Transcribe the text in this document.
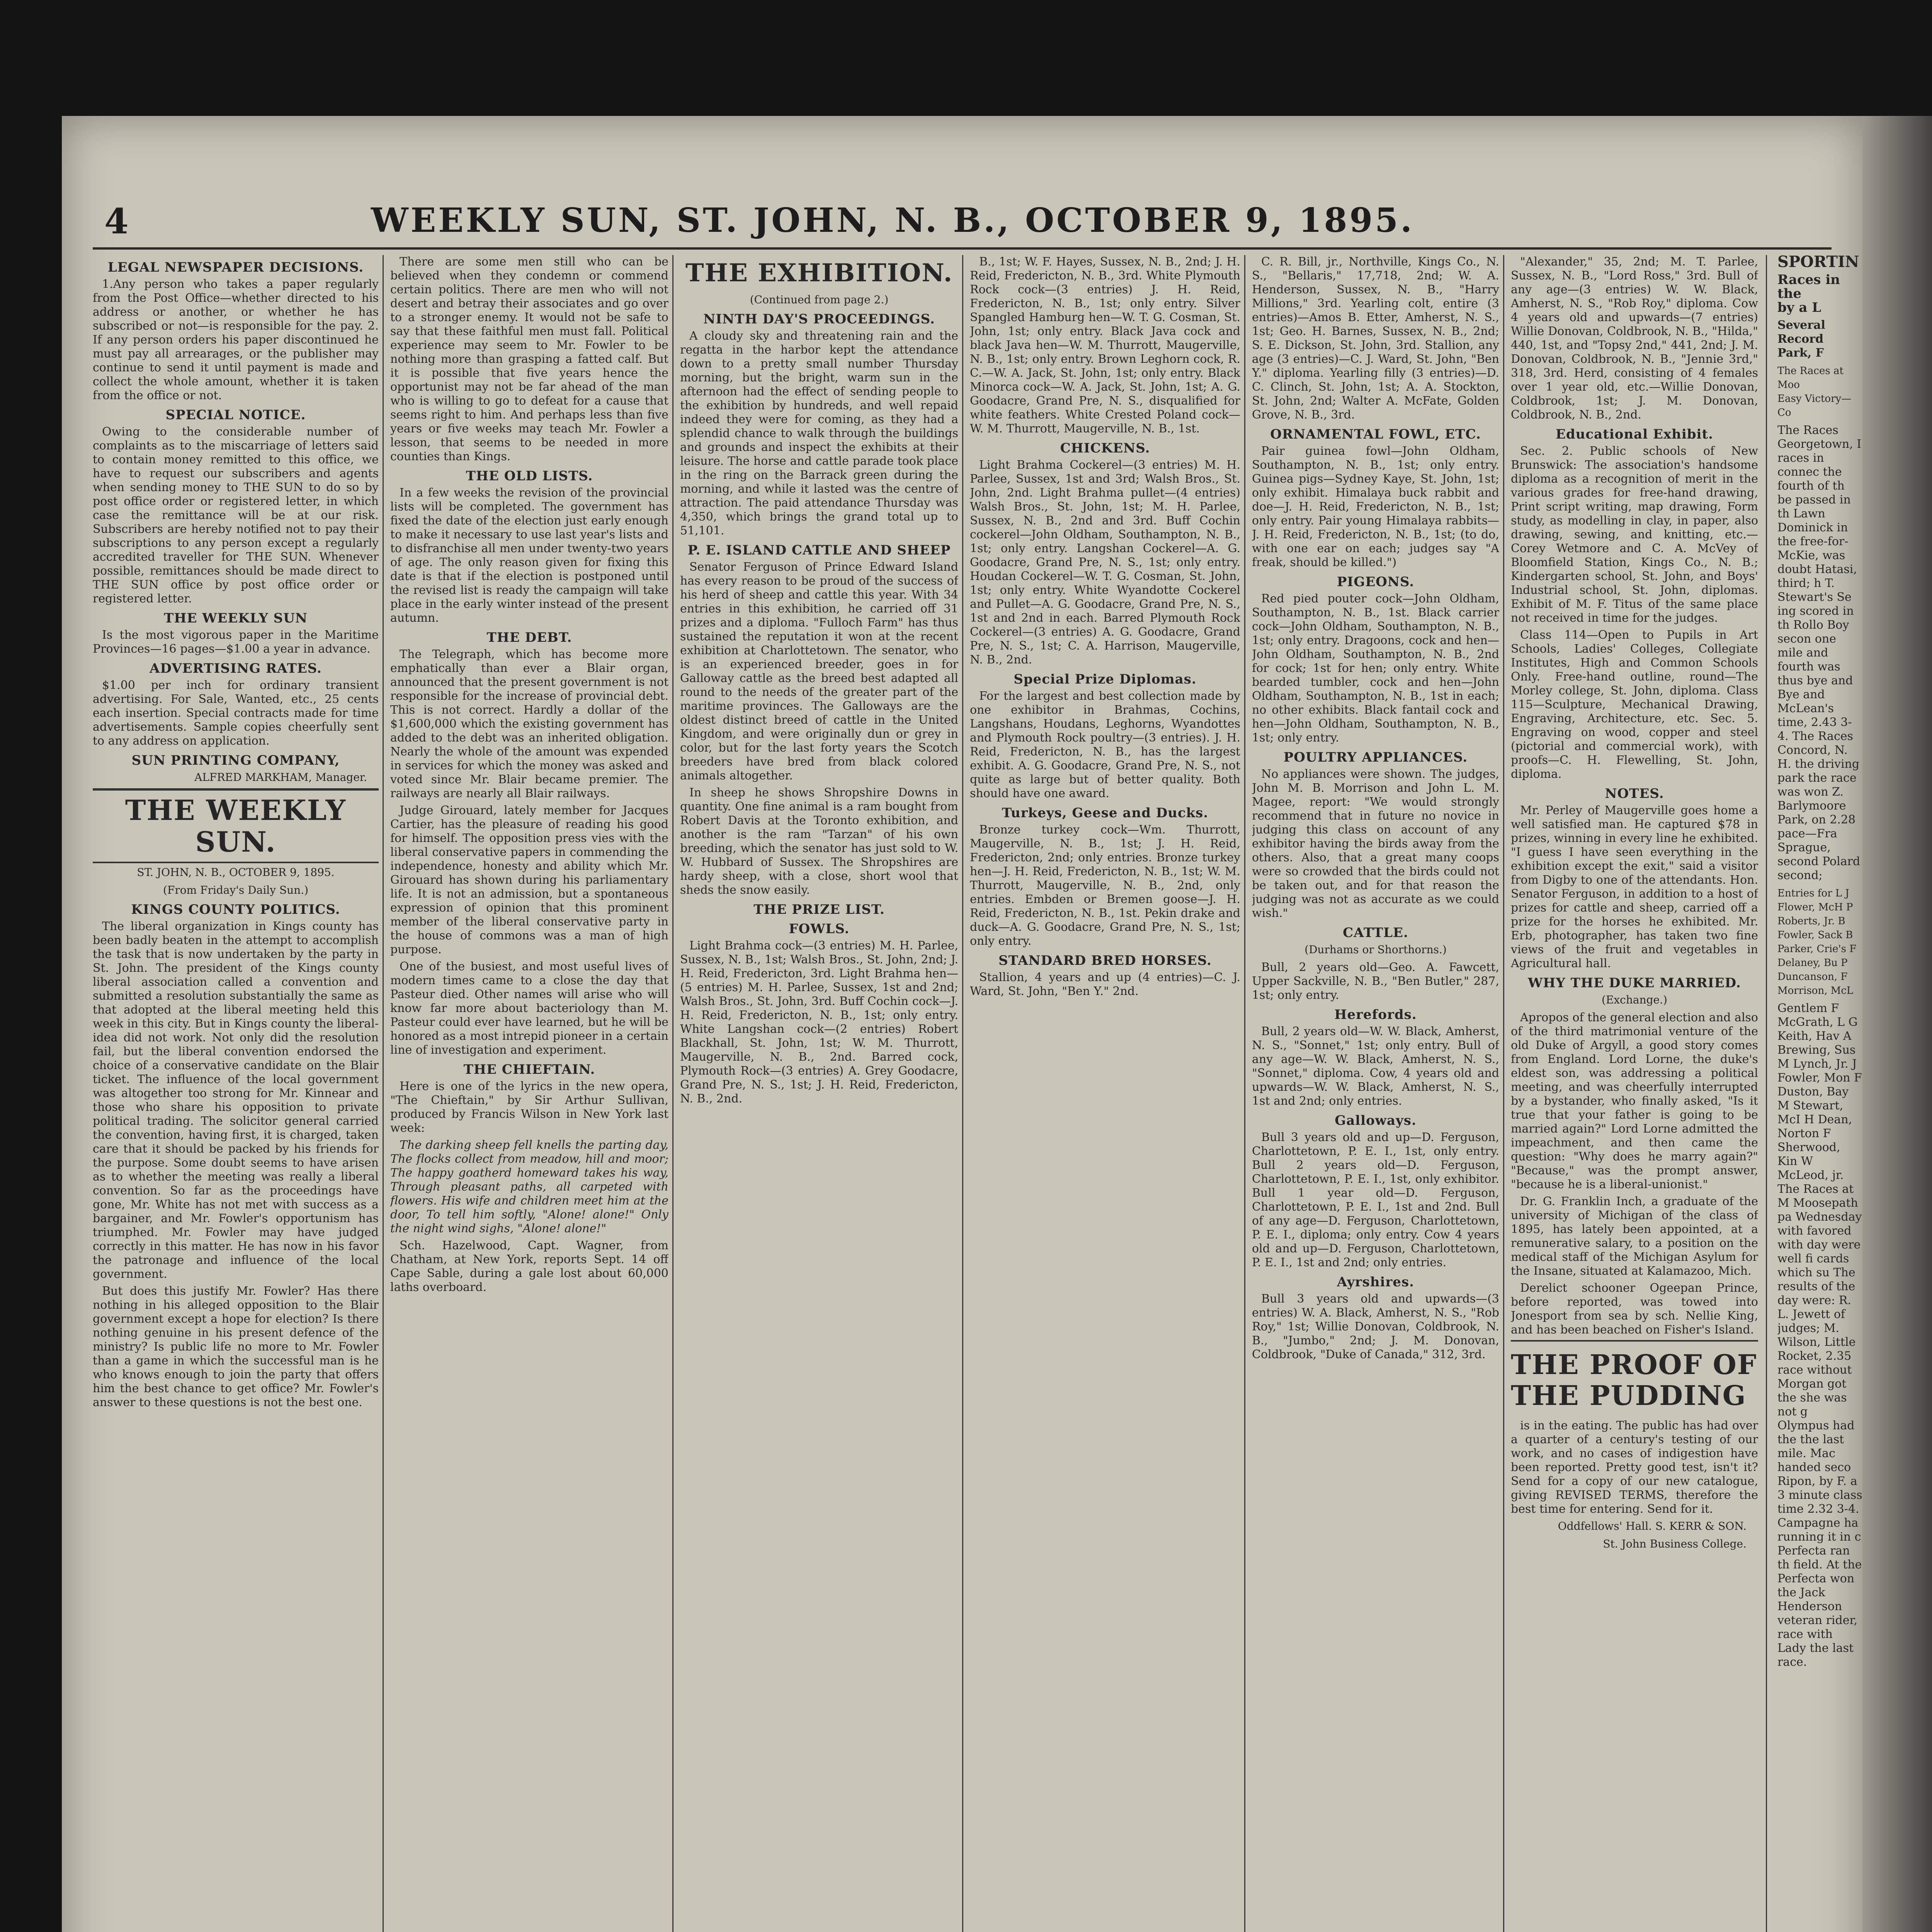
4	WEEKLY SUN, ST. JOHN, N. B., OCTOBER 9, 1895.
LEGAL NEWSPAPER DECISIONS.

1.Any person who takes a paper regularly from the Post Office—whether directed to his address or another, or whether he has subscribed or not—is responsible for the pay. 2. If any person orders his paper discontinued he must pay all arrearages, or the publisher may continue to send it until payment is made and collect the whole amount, whether it is taken from the office or not.

SPECIAL NOTICE.

Owing to the considerable number of complaints as to the miscarriage of letters said to contain money remitted to this office, we have to request our subscribers and agents when sending money to THE SUN to do so by post office order or registered letter, in which case the remittance will be at our risk. Subscribers are hereby notified not to pay their subscriptions to any person except a regularly accredited traveller for THE SUN. Whenever possible, remittances should be made direct to THE SUN office by post office order or registered letter.

THE WEEKLY SUN

Is the most vigorous paper in the Maritime Provinces—16 pages—$1.00 a year in advance.

ADVERTISING RATES.

$1.00 per inch for ordinary transient advertising. For Sale, Wanted, etc., 25 cents each insertion. Special contracts made for time advertisements. Sample copies cheerfully sent to any address on application.

SUN PRINTING COMPANY,
ALFRED MARKHAM, Manager.
THE WEEKLY SUN.
ST. JOHN, N. B., OCTOBER 9, 1895.
(From Friday's Daily Sun.)
KINGS COUNTY POLITICS.

The liberal organization in Kings county has been badly beaten in the attempt to accomplish the task that is now undertaken by the party in St. John. The president of the Kings county liberal association called a convention and submitted a resolution substantially the same as that adopted at the liberal meeting held this week in this city. But in Kings county the liberal-idea did not work. Not only did the resolution fail, but the liberal convention endorsed the choice of a conservative candidate on the Blair ticket. The influence of the local government was altogether too strong for Mr. Kinnear and those who share his opposition to private political trading. The solicitor general carried the convention, having first, it is charged, taken care that it should be packed by his friends for the purpose. Some doubt seems to have arisen as to whether the meeting was really a liberal convention. So far as the proceedings have gone, Mr. White has not met with success as a bargainer, and Mr. Fowler's opportunism has triumphed. Mr. Fowler may have judged correctly in this matter. He has now in his favor the patronage and influence of the local government.

But does this justify Mr. Fowler? Has there nothing in his alleged opposition to the Blair government except a hope for election? Is there nothing genuine in his present defence of the ministry? Is public life no more to Mr. Fowler than a game in which the successful man is he who knows enough to join the party that offers him the best chance to get office? Mr. Fowler's answer to these questions is not the best one.

There are some men still who can be believed when they condemn or commend certain politics. There are men who will not desert and betray their associates and go over to a stronger enemy. It would not be safe to say that these faithful men must fall. Political experience may seem to Mr. Fowler to be nothing more than grasping a fatted calf. But it is possible that five years hence the opportunist may not be far ahead of the man who is willing to go to defeat for a cause that seems right to him. And perhaps less than five years or five weeks may teach Mr. Fowler a lesson, that seems to be needed in more counties than Kings.

THE OLD LISTS.

In a few weeks the revision of the provincial lists will be completed. The government has fixed the date of the election just early enough to make it necessary to use last year's lists and to disfranchise all men under twenty-two years of age. The only reason given for fixing this date is that if the election is postponed until the revised list is ready the campaign will take place in the early winter instead of the present autumn.

THE DEBT.

The Telegraph, which has become more emphatically than ever a Blair organ, announced that the present government is not responsible for the increase of provincial debt. This is not correct. Hardly a dollar of the $1,600,000 which the existing government has added to the debt was an inherited obligation. Nearly the whole of the amount was expended in services for which the money was asked and voted since Mr. Blair became premier. The railways are nearly all Blair railways.

Judge Girouard, lately member for Jacques Cartier, has the pleasure of reading his good for himself. The opposition press vies with the liberal conservative papers in commending the independence, honesty and ability which Mr. Girouard has shown during his parliamentary life. It is not an admission, but a spontaneous expression of opinion that this prominent member of the liberal conservative party in the house of commons was a man of high purpose.

One of the busiest, and most useful lives of modern times came to a close the day that Pasteur died. Other names will arise who will know far more about bacteriology than M. Pasteur could ever have learned, but he will be honored as a most intrepid pioneer in a certain line of investigation and experiment.

THE CHIEFTAIN.

Here is one of the lyrics in the new opera, "The Chieftain," by Sir Arthur Sullivan, produced by Francis Wilson in New York last week:

The darking sheep fell knells the parting day, The flocks collect from meadow, hill and moor; The happy goatherd homeward takes his way, Through pleasant paths, all carpeted with flowers. His wife and children meet him at the door, To tell him softly, "Alone! alone!" Only the night wind sighs, "Alone! alone!"

Sch. Hazelwood, Capt. Wagner, from Chatham, at New York, reports Sept. 14 off Cape Sable, during a gale lost about 60,000 laths overboard.

THE EXHIBITION.
(Continued from page 2.)
NINTH DAY'S PROCEEDINGS.

A cloudy sky and threatening rain and the regatta in the harbor kept the attendance down to a pretty small number Thursday morning, but the bright, warm sun in the afternoon had the effect of sending people to the exhibition by hundreds, and well repaid indeed they were for coming, as they had a splendid chance to walk through the buildings and grounds and inspect the exhibits at their leisure. The horse and cattle parade took place in the ring on the Barrack green during the morning, and while it lasted was the centre of attraction. The paid attendance Thursday was 4,350, which brings the grand total up to 51,101.

P. E. ISLAND CATTLE AND SHEEP

Senator Ferguson of Prince Edward Island has every reason to be proud of the success of his herd of sheep and cattle this year. With 34 entries in this exhibition, he carried off 31 prizes and a diploma. "Fulloch Farm" has thus sustained the reputation it won at the recent exhibition at Charlottetown. The senator, who is an experienced breeder, goes in for Galloway cattle as the breed best adapted all round to the needs of the greater part of the maritime provinces. The Galloways are the oldest distinct breed of cattle in the United Kingdom, and were originally dun or grey in color, but for the last forty years the Scotch breeders have bred from black colored animals altogether.

In sheep he shows Shropshire Downs in quantity. One fine animal is a ram bought from Robert Davis at the Toronto exhibition, and another is the ram "Tarzan" of his own breeding, which the senator has just sold to W. W. Hubbard of Sussex. The Shropshires are hardy sheep, with a close, short wool that sheds the snow easily.

THE PRIZE LIST.
FOWLS.

Light Brahma cock—(3 entries) M. H. Parlee, Sussex, N. B., 1st; Walsh Bros., St. John, 2nd; J. H. Reid, Fredericton, 3rd. Light Brahma hen—(5 entries) M. H. Parlee, Sussex, 1st and 2nd; Walsh Bros., St. John, 3rd. Buff Cochin cock—J. H. Reid, Fredericton, N. B., 1st; only entry. White Langshan cock—(2 entries) Robert Blackhall, St. John, 1st; W. M. Thurrott, Maugerville, N. B., 2nd. Barred cock, Plymouth Rock—(3 entries) A. Grey Goodacre, Grand Pre, N. S., 1st; J. H. Reid, Fredericton, N. B., 2nd.

B., 1st; W. F. Hayes, Sussex, N. B., 2nd; J. H. Reid, Fredericton, N. B., 3rd. White Plymouth Rock cock—(3 entries) J. H. Reid, Fredericton, N. B., 1st; only entry. Silver Spangled Hamburg hen—W. T. G. Cosman, St. John, 1st; only entry. Black Java cock and black Java hen—W. M. Thurrott, Maugerville, N. B., 1st; only entry. Brown Leghorn cock, R. C.—W. A. Jack, St. John, 1st; only entry. Black Minorca cock—W. A. Jack, St. John, 1st; A. G. Goodacre, Grand Pre, N. S., disqualified for white feathers. White Crested Poland cock—W. M. Thurrott, Maugerville, N. B., 1st.

CHICKENS.

Light Brahma Cockerel—(3 entries) M. H. Parlee, Sussex, 1st and 3rd; Walsh Bros., St. John, 2nd. Light Brahma pullet—(4 entries) Walsh Bros., St. John, 1st; M. H. Parlee, Sussex, N. B., 2nd and 3rd. Buff Cochin cockerel—John Oldham, Southampton, N. B., 1st; only entry. Langshan Cockerel—A. G. Goodacre, Grand Pre, N. S., 1st; only entry. Houdan Cockerel—W. T. G. Cosman, St. John, 1st; only entry. White Wyandotte Cockerel and Pullet—A. G. Goodacre, Grand Pre, N. S., 1st and 2nd in each. Barred Plymouth Rock Cockerel—(3 entries) A. G. Goodacre, Grand Pre, N. S., 1st; C. A. Harrison, Maugerville, N. B., 2nd.

Special Prize Diplomas.

For the largest and best collection made by one exhibitor in Brahmas, Cochins, Langshans, Houdans, Leghorns, Wyandottes and Plymouth Rock poultry—(3 entries). J. H. Reid, Fredericton, N. B., has the largest exhibit. A. G. Goodacre, Grand Pre, N. S., not quite as large but of better quality. Both should have one award.

Turkeys, Geese and Ducks.

Bronze turkey cock—Wm. Thurrott, Maugerville, N. B., 1st; J. H. Reid, Fredericton, 2nd; only entries. Bronze turkey hen—J. H. Reid, Fredericton, N. B., 1st; W. M. Thurrott, Maugerville, N. B., 2nd, only entries. Embden or Bremen goose—J. H. Reid, Fredericton, N. B., 1st. Pekin drake and duck—A. G. Goodacre, Grand Pre, N. S., 1st; only entry.

STANDARD BRED HORSES.

Stallion, 4 years and up (4 entries)—C. J. Ward, St. John, "Ben Y." 2nd.

C. R. Bill, jr., Northville, Kings Co., N. S., "Bellaris," 17,718, 2nd; W. A. Henderson, Sussex, N. B., "Harry Millions," 3rd. Yearling colt, entire (3 entries)—Amos B. Etter, Amherst, N. S., 1st; Geo. H. Barnes, Sussex, N. B., 2nd; S. E. Dickson, St. John, 3rd. Stallion, any age (3 entries)—C. J. Ward, St. John, "Ben Y." diploma. Yearling filly (3 entries)—D. C. Clinch, St. John, 1st; A. A. Stockton, St. John, 2nd; Walter A. McFate, Golden Grove, N. B., 3rd.

ORNAMENTAL FOWL, ETC.

Pair guinea fowl—John Oldham, Southampton, N. B., 1st; only entry. Guinea pigs—Sydney Kaye, St. John, 1st; only exhibit. Himalaya buck rabbit and doe—J. H. Reid, Fredericton, N. B., 1st; only entry. Pair young Himalaya rabbits—J. H. Reid, Fredericton, N. B., 1st; (to do, with one ear on each; judges say "A freak, should be killed.")

PIGEONS.

Red pied pouter cock—John Oldham, Southampton, N. B., 1st. Black carrier cock—John Oldham, Southampton, N. B., 1st; only entry. Dragoons, cock and hen—John Oldham, Southampton, N. B., 2nd for cock; 1st for hen; only entry. White bearded tumbler, cock and hen—John Oldham, Southampton, N. B., 1st in each; no other exhibits. Black fantail cock and hen—John Oldham, Southampton, N. B., 1st; only entry.

POULTRY APPLIANCES.

No appliances were shown. The judges, John M. B. Morrison and John L. M. Magee, report: "We would strongly recommend that in future no novice in judging this class on account of any exhibitor having the birds away from the others. Also, that a great many coops were so crowded that the birds could not be taken out, and for that reason the judging was not as accurate as we could wish."

CATTLE.
(Durhams or Shorthorns.)

Bull, 2 years old—Geo. A. Fawcett, Upper Sackville, N. B., "Ben Butler," 287, 1st; only entry.

Herefords.

Bull, 2 years old—W. W. Black, Amherst, N. S., "Sonnet," 1st; only entry. Bull of any age—W. W. Black, Amherst, N. S., "Sonnet," diploma. Cow, 4 years old and upwards—W. W. Black, Amherst, N. S., 1st and 2nd; only entries.

Galloways.

Bull 3 years old and up—D. Ferguson, Charlottetown, P. E. I., 1st, only entry. Bull 2 years old—D. Ferguson, Charlottetown, P. E. I., 1st, only exhibitor. Bull 1 year old—D. Ferguson, Charlottetown, P. E. I., 1st and 2nd. Bull of any age—D. Ferguson, Charlottetown, P. E. I., diploma; only entry. Cow 4 years old and up—D. Ferguson, Charlottetown, P. E. I., 1st and 2nd; only entries.

Ayrshires.

Bull 3 years old and upwards—(3 entries) W. A. Black, Amherst, N. S., "Rob Roy," 1st; Willie Donovan, Coldbrook, N. B., "Jumbo," 2nd; J. M. Donovan, Coldbrook, "Duke of Canada," 312, 3rd.

"Alexander," 35, 2nd; M. T. Parlee, Sussex, N. B., "Lord Ross," 3rd. Bull of any age—(3 entries) W. W. Black, Amherst, N. S., "Rob Roy," diploma. Cow 4 years old and upwards—(7 entries) Willie Donovan, Coldbrook, N. B., "Hilda," 440, 1st, and "Topsy 2nd," 441, 2nd; J. M. Donovan, Coldbrook, N. B., "Jennie 3rd," 318, 3rd. Herd, consisting of 4 females over 1 year old, etc.—Willie Donovan, Coldbrook, 1st; J. M. Donovan, Coldbrook, N. B., 2nd.

Educational Exhibit.

Sec. 2. Public schools of New Brunswick: The association's handsome diploma as a recognition of merit in the various grades for free-hand drawing, Print script writing, map drawing, Form study, as modelling in clay, in paper, also drawing, sewing, and knitting, etc.—Corey Wetmore and C. A. McVey of Bloomfield Station, Kings Co., N. B.; Kindergarten school, St. John, and Boys' Industrial school, St. John, diplomas. Exhibit of M. F. Titus of the same place not received in time for the judges.

Class 114—Open to Pupils in Art Schools, Ladies' Colleges, Collegiate Institutes, High and Common Schools Only. Free-hand outline, round—The Morley college, St. John, diploma. Class 115—Sculpture, Mechanical Drawing, Engraving, Architecture, etc. Sec. 5. Engraving on wood, copper and steel (pictorial and commercial work), with proofs—C. H. Flewelling, St. John, diploma.

NOTES.

Mr. Perley of Maugerville goes home a well satisfied man. He captured $78 in prizes, winning in every line he exhibited. "I guess I have seen everything in the exhibition except the exit," said a visitor from Digby to one of the attendants. Hon. Senator Ferguson, in addition to a host of prizes for cattle and sheep, carried off a prize for the horses he exhibited. Mr. Erb, photographer, has taken two fine views of the fruit and vegetables in Agricultural hall.

WHY THE DUKE MARRIED.
(Exchange.)

Apropos of the general election and also of the third matrimonial venture of the old Duke of Argyll, a good story comes from England. Lord Lorne, the duke's eldest son, was addressing a political meeting, and was cheerfully interrupted by a bystander, who finally asked, "Is it true that your father is going to be married again?" Lord Lorne admitted the impeachment, and then came the question: "Why does he marry again?" "Because," was the prompt answer, "because he is a liberal-unionist."

Dr. G. Franklin Inch, a graduate of the university of Michigan of the class of 1895, has lately been appointed, at a remunerative salary, to a position on the medical staff of the Michigan Asylum for the Insane, situated at Kalamazoo, Mich.

Derelict schooner Ogeepan Prince, before reported, was towed into Jonesport from sea by sch. Nellie King, and has been beached on Fisher's Island.

THE PROOF OF THE PUDDING

is in the eating. The public has had over a quarter of a century's testing of our work, and no cases of indigestion have been reported. Pretty good test, isn't it? Send for a copy of our new catalogue, giving REVISED TERMS, therefore the best time for entering. Send for it.

Oddfellows' Hall. S. KERR & SON.
St. John Business College.
SPORTIN
Races in the
by a L
Several Record
Park, F
The Races at Moo
Easy Victory—Co

The Races Georgetown, I races in connec the fourth of th be passed in th Lawn Dominick in the free-for- McKie, was doubt Hatasi, third; h T. Stewart's Se ing scored in th Rollo Boy secon one mile and fourth was thus bye and Bye and McLean's time, 2.43 3-4. The Races Concord, N. H. the driving park the race was won Z. Barlymoore Park, on 2.28 pace—Fra Sprague, second Polard second;

Entries for L J Flower, McH P Roberts, Jr. B Fowler, Sack B Parker, Crie's F Delaney, Bu P Duncanson, F Morrison, McL

Gentlem F McGrath, L G Keith, Hav A Brewing, Sus M Lynch, Jr. J Fowler, Mon F Duston, Bay M Stewart, McI H Dean, Norton F Sherwood, Kin W McLeod, jr. The Races at M Moosepath pa Wednesday with favored with day were well fi cards which su The results of the day were: R. L. Jewett of judges; M. Wilson, Little Rocket, 2.35 race without Morgan got the she was not g Olympus had the the last mile. Mac handed seco Ripon, by F. a 3 minute class time 2.32 3-4. Campagne ha running it in c Perfecta ran th field. At the Perfecta won the Jack Henderson veteran rider, race with Lady the last race.
